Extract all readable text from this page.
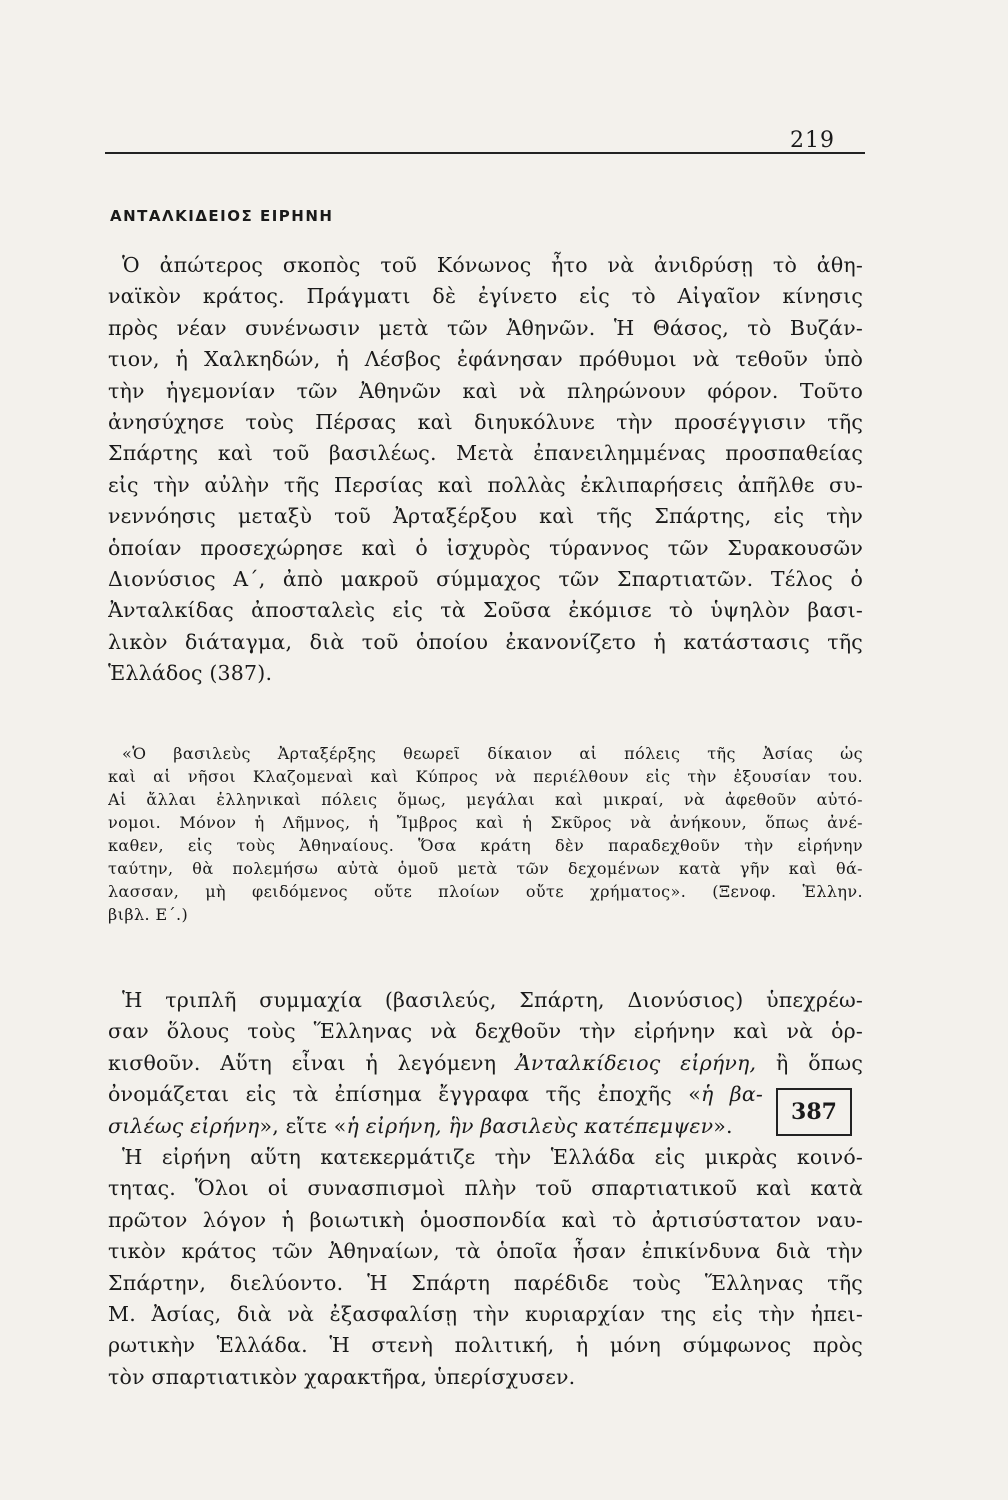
219
ΑΝΤΑΛΚΙΔΕΙΟΣ ΕΙΡΗΝΗ
Ὁ ἀπώτερος σκοπὸς τοῦ Κόνωνος ἦτο νὰ ἀνιδρύσῃ τὸ ἀθη-
ναϊκὸν κράτος. Πράγματι δὲ ἐγίνετο εἰς τὸ Αἰγαῖον κίνησις
πρὸς νέαν συνένωσιν μετὰ τῶν Ἀθηνῶν. Ἡ Θάσος, τὸ Βυζάν-
τιον, ἡ Χαλκηδών, ἡ Λέσβος ἐφάνησαν πρόθυμοι νὰ τεθοῦν ὑπὸ
τὴν ἡγεμονίαν τῶν Ἀθηνῶν καὶ νὰ πληρώνουν φόρον. Τοῦτο
ἀνησύχησε τοὺς Πέρσας καὶ διηυκόλυνε τὴν προσέγγισιν τῆς
Σπάρτης καὶ τοῦ βασιλέως. Μετὰ ἐπανειλημμένας προσπαθείας
εἰς τὴν αὐλὴν τῆς Περσίας καὶ πολλὰς ἐκλιπαρήσεις ἀπῆλθε συ-
νεννόησις μεταξὺ τοῦ Ἀρταξέρξου καὶ τῆς Σπάρτης, εἰς τὴν
ὁποίαν προσεχώρησε καὶ ὁ ἰσχυρὸς τύραννος τῶν Συρακουσῶν
Διονύσιος Α΄, ἀπὸ μακροῦ σύμμαχος τῶν Σπαρτιατῶν. Τέλος ὁ
Ἀνταλκίδας ἀποσταλεὶς εἰς τὰ Σοῦσα ἐκόμισε τὸ ὑψηλὸν βασι-
λικὸν διάταγμα, διὰ τοῦ ὁποίου ἐκανονίζετο ἡ κατάστασις τῆς
Ἑλλάδος (387).
«Ὁ βασιλεὺς Ἀρταξέρξης θεωρεῖ δίκαιον αἱ πόλεις τῆς Ἀσίας ὡς
καὶ αἱ νῆσοι Κλαζομεναὶ καὶ Κύπρος νὰ περιέλθουν εἰς τὴν ἐξουσίαν του.
Αἱ ἄλλαι ἑλληνικαὶ πόλεις ὅμως, μεγάλαι καὶ μικραί, νὰ ἀφεθοῦν αὐτό-
νομοι. Μόνον ἡ Λῆμνος, ἡ Ἴμβρος καὶ ἡ Σκῦρος νὰ ἀνήκουν, ὅπως ἀνέ-
καθεν, εἰς τοὺς Ἀθηναίους. Ὅσα κράτη δὲν παραδεχθοῦν τὴν εἰρήνην
ταύτην, θὰ πολεμήσω αὐτὰ ὁμοῦ μετὰ τῶν δεχομένων κατὰ γῆν καὶ θά-
λασσαν, μὴ φειδόμενος οὔτε πλοίων οὔτε χρήματος». (Ξενοφ. Ἑλλην.
βιβλ. Ε΄.)
Ἡ τριπλῆ συμμαχία (βασιλεύς, Σπάρτη, Διονύσιος) ὑπεχρέω-
σαν ὅλους τοὺς Ἕλληνας νὰ δεχθοῦν τὴν εἰρήνην καὶ νὰ ὁρ-
κισθοῦν. Αὕτη εἶναι ἡ λεγόμενη Ἀνταλκίδειος εἰρήνη, ἢ ὅπως
ὀνομάζεται εἰς τὰ ἐπίσημα ἔγγραφα τῆς ἐποχῆς «ἡ βα-
σιλέως εἰρήνη», εἴτε «ἡ εἰρήνη, ἣν βασιλεὺς κατέπεμψεν».
387
Ἡ εἰρήνη αὕτη κατεκερμάτιζε τὴν Ἑλλάδα εἰς μικρὰς κοινό-
τητας. Ὅλοι οἱ συνασπισμοὶ πλὴν τοῦ σπαρτιατικοῦ καὶ κατὰ
πρῶτον λόγον ἡ βοιωτικὴ ὁμοσπονδία καὶ τὸ ἀρτισύστατον ναυ-
τικὸν κράτος τῶν Ἀθηναίων, τὰ ὁποῖα ἦσαν ἐπικίνδυνα διὰ τὴν
Σπάρτην, διελύοντο. Ἡ Σπάρτη παρέδιδε τοὺς Ἕλληνας τῆς
Μ. Ἀσίας, διὰ νὰ ἐξασφαλίσῃ τὴν κυριαρχίαν της εἰς τὴν ἠπει-
ρωτικὴν Ἑλλάδα. Ἡ στενὴ πολιτική, ἡ μόνη σύμφωνος πρὸς
τὸν σπαρτιατικὸν χαρακτῆρα, ὑπερίσχυσεν.
